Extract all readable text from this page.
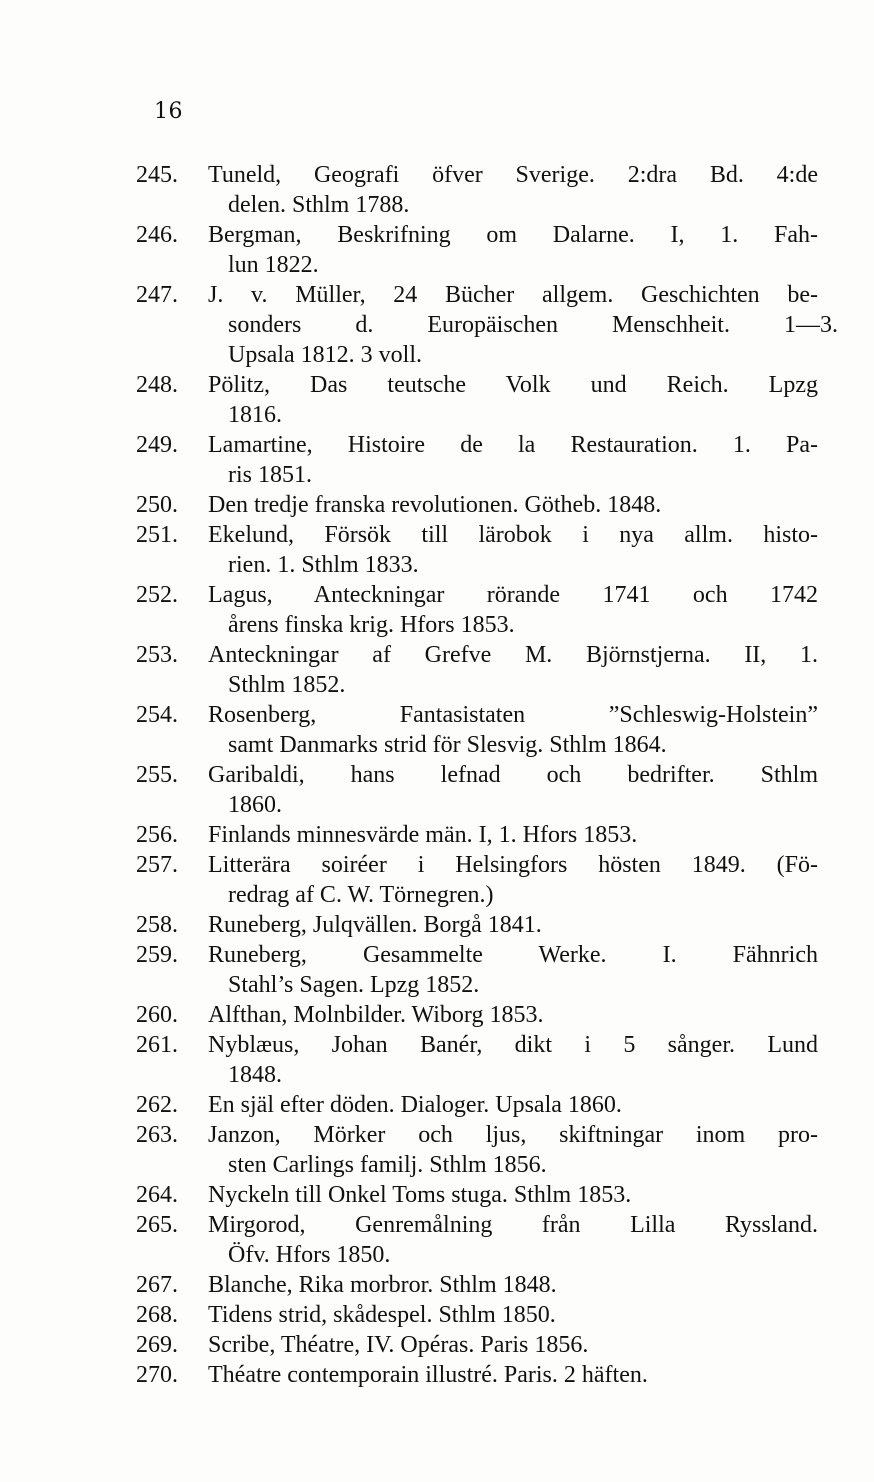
16
245.	Tuneld, Geografi öfver Sverige. 2:dra Bd. 4:de
delen. Sthlm 1788.
246.	Bergman, Beskrifning om Dalarne. I, 1. Fah-
lun 1822.
247.	J. v. Müller, 24 Bücher allgem. Geschichten be-
sonders d. Europäischen Menschheit. 1—3.
Upsala 1812. 3 voll.
248.	Pölitz, Das teutsche Volk und Reich. Lpzg
1816.
249.	Lamartine, Histoire de la Restauration. 1. Pa-
ris 1851.
250.	Den tredje franska revolutionen. Götheb. 1848.
251.	Ekelund, Försök till lärobok i nya allm. histo-
rien. 1. Sthlm 1833.
252.	Lagus, Anteckningar rörande 1741 och 1742
årens finska krig. Hfors 1853.
253.	Anteckningar af Grefve M. Björnstjerna. II, 1.
Sthlm 1852.
254.	Rosenberg, Fantasistaten ”Schleswig-Holstein”
samt Danmarks strid för Slesvig. Sthlm 1864.
255.	Garibaldi, hans lefnad och bedrifter. Sthlm
1860.
256.	Finlands minnesvärde män. I, 1. Hfors 1853.
257.	Litterära soiréer i Helsingfors hösten 1849. (Fö-
redrag af C. W. Törnegren.)
258.	Runeberg, Julqvällen. Borgå 1841.
259.	Runeberg, Gesammelte Werke. I. Fähnrich
Stahl’s Sagen. Lpzg 1852.
260.	Alfthan, Molnbilder. Wiborg 1853.
261.	Nyblæus, Johan Banér, dikt i 5 sånger. Lund
1848.
262.	En själ efter döden. Dialoger. Upsala 1860.
263.	Janzon, Mörker och ljus, skiftningar inom pro-
sten Carlings familj. Sthlm 1856.
264.	Nyckeln till Onkel Toms stuga. Sthlm 1853.
265.	Mirgorod, Genremålning från Lilla Ryssland.
Öfv. Hfors 1850.
267.	Blanche, Rika morbror. Sthlm 1848.
268.	Tidens strid, skådespel. Sthlm 1850.
269.	Scribe, Théatre, IV. Opéras. Paris 1856.
270.	Théatre contemporain illustré. Paris. 2 häften.
